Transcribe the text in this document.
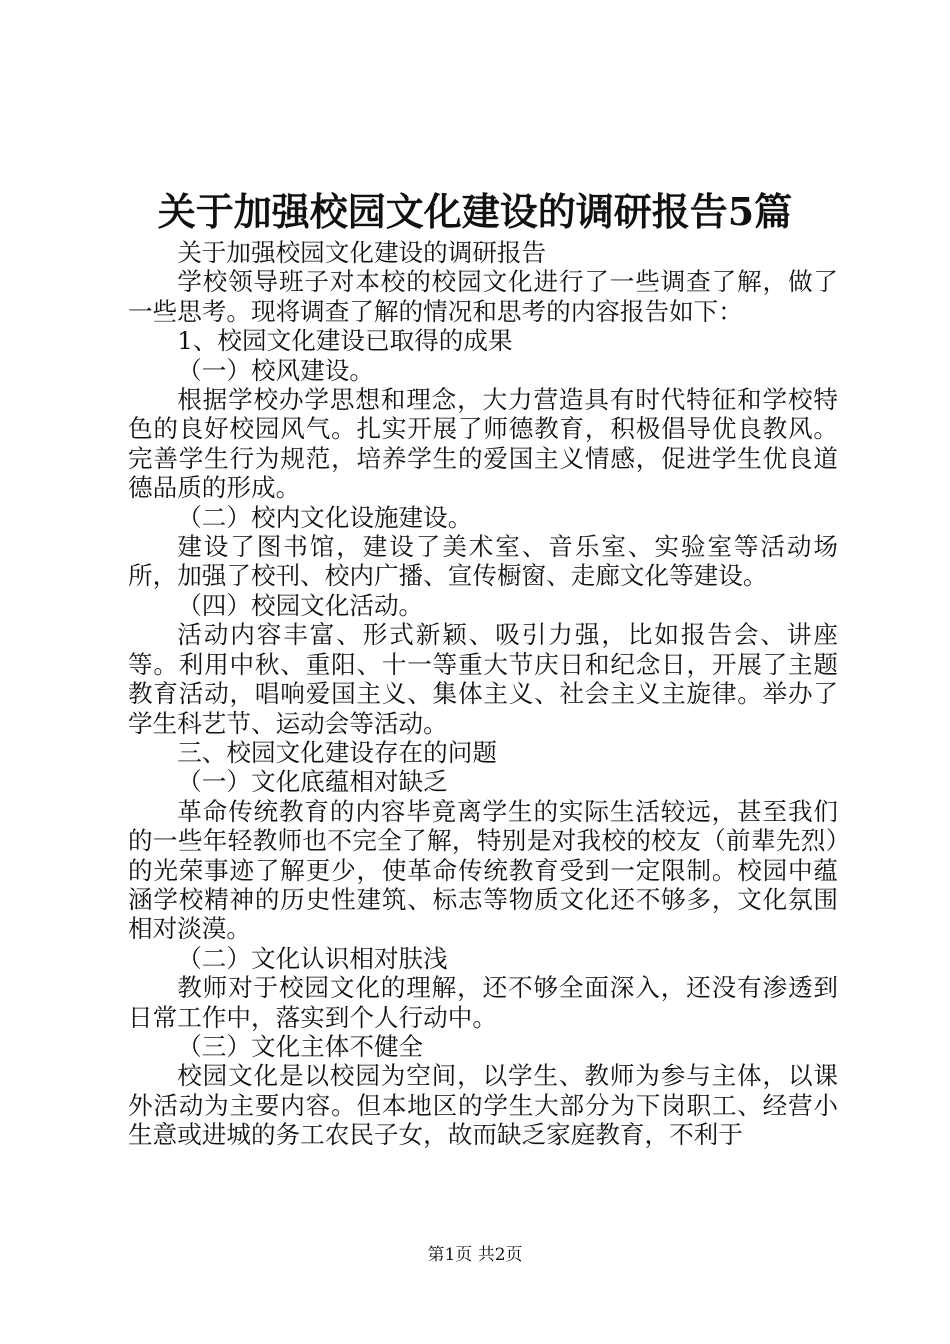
关于加强校园文化建设的调研报告5篇

关于加强校园文化建设的调研报告

学校领导班子对本校的校园文化进行了一些调查了解，做了一些思考。现将调查了解的情况和思考的内容报告如下：

1、校园文化建设已取得的成果

（一）校风建设。

根据学校办学思想和理念，大力营造具有时代特征和学校特色的良好校园风气。扎实开展了师德教育，积极倡导优良教风。完善学生行为规范，培养学生的爱国主义情感，促进学生优良道德品质的形成。

（二）校内文化设施建设。

建设了图书馆，建设了美术室、音乐室、实验室等活动场所，加强了校刊、校内广播、宣传橱窗、走廊文化等建设。

（四）校园文化活动。

活动内容丰富、形式新颖、吸引力强，比如报告会、讲座等。利用中秋、重阳、十一等重大节庆日和纪念日，开展了主题教育活动，唱响爱国主义、集体主义、社会主义主旋律。举办了学生科艺节、运动会等活动。

三、校园文化建设存在的问题

（一）文化底蕴相对缺乏

革命传统教育的内容毕竟离学生的实际生活较远，甚至我们的一些年轻教师也不完全了解，特别是对我校的校友（前辈先烈）的光荣事迹了解更少，使革命传统教育受到一定限制。校园中蕴涵学校精神的历史性建筑、标志等物质文化还不够多，文化氛围相对淡漠。

（二）文化认识相对肤浅

教师对于校园文化的理解，还不够全面深入，还没有渗透到日常工作中，落实到个人行动中。

（三）文化主体不健全

校园文化是以校园为空间，以学生、教师为参与主体，以课外活动为主要内容。但本地区的学生大部分为下岗职工、经营小生意或进城的务工农民子女，故而缺乏家庭教育，不利于

第1页 共2页
